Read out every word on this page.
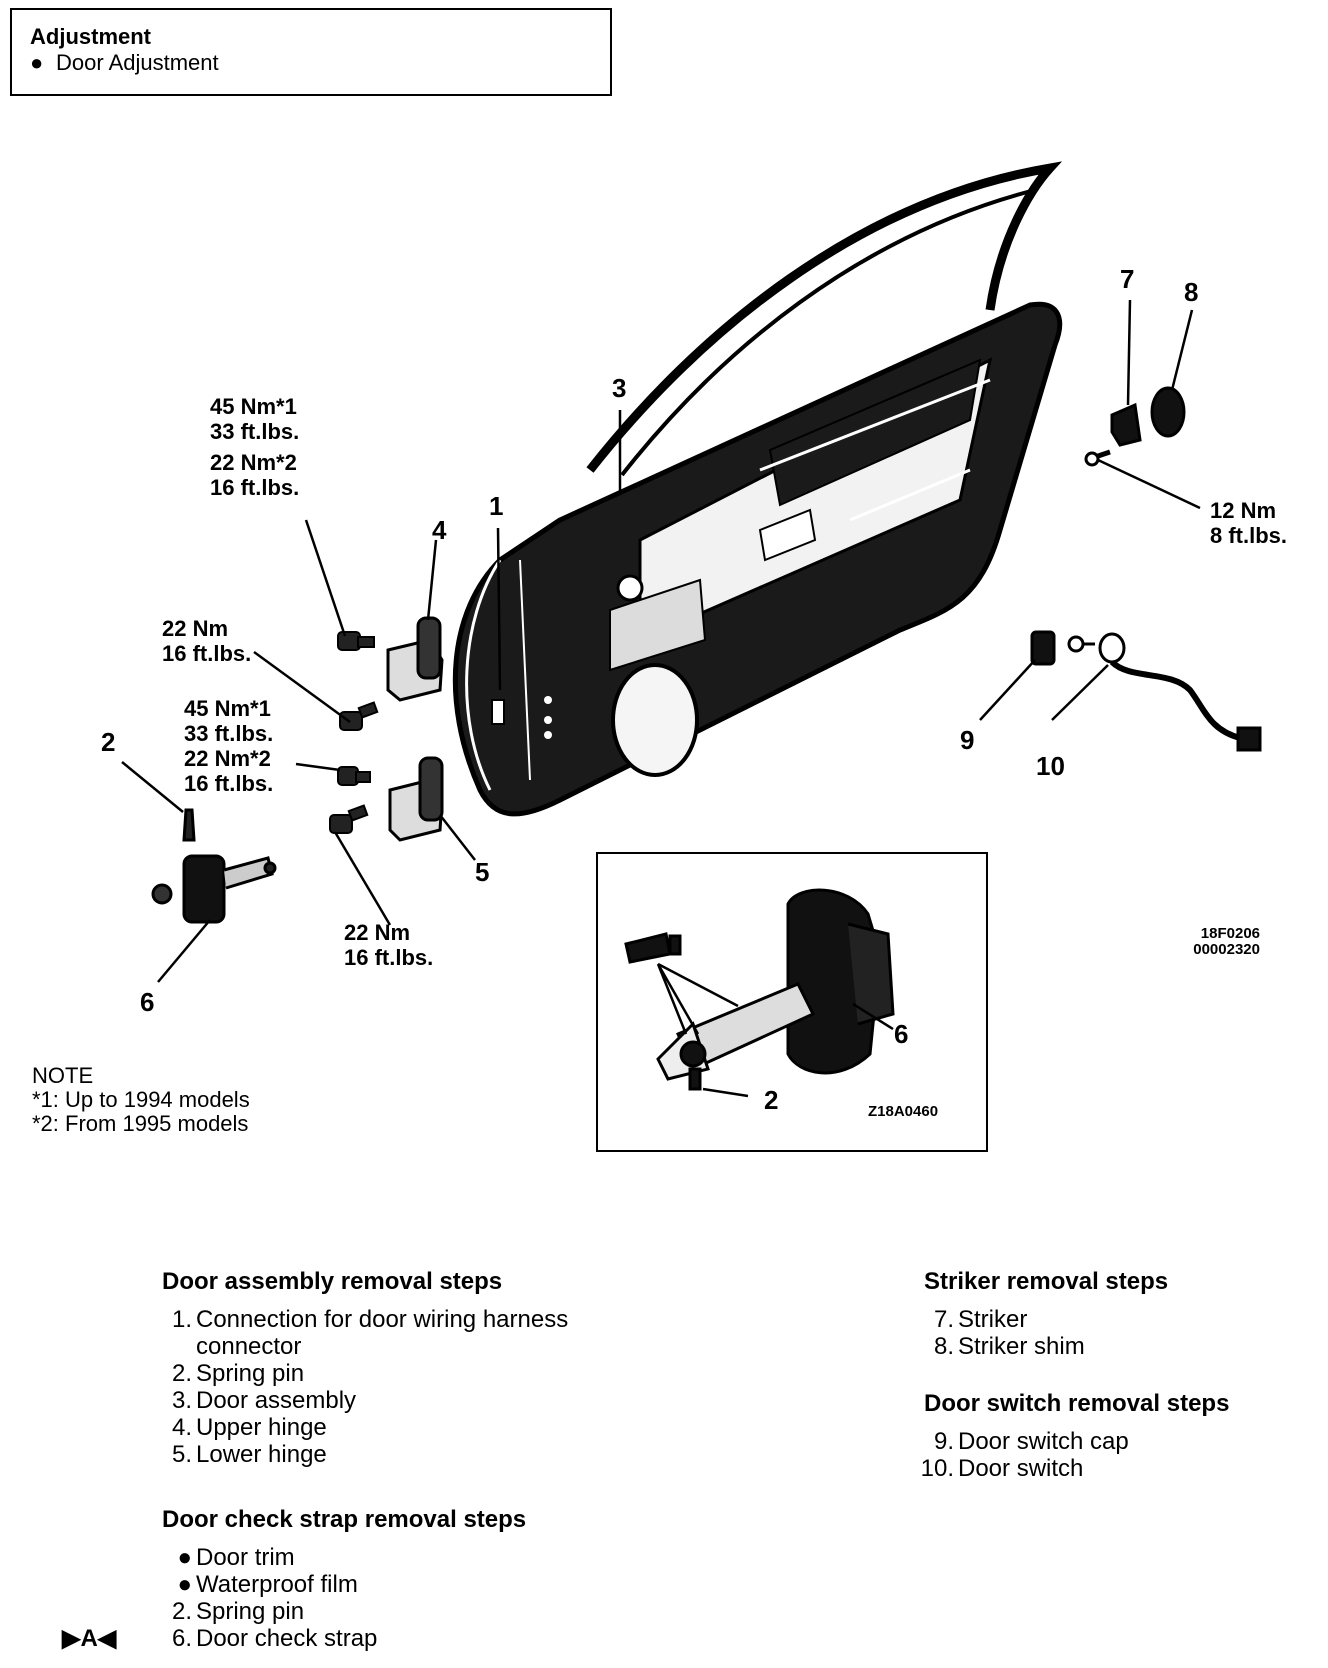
Adjustment
● Door Adjustment
1
2
3
4
5
6
7 8
9
10
45 Nm*1
33 ft.lbs.
22 Nm*2
16 ft.lbs.
22 Nm
16 ft.lbs.
45 Nm*1
33 ft.lbs.
22 Nm*2
16 ft.lbs.
22 Nm
16 ft.lbs.
12 Nm
8 ft.lbs.
18F0206
00002320
6
2	Z18A0460
NOTE
*1: Up to 1994 models
*2: From 1995 models
Door assembly removal steps
1. Connection for door wiring harness
connector
2. Spring pin
3. Door assembly
4. Upper hinge
5. Lower hinge
Door check strap removal steps
● Door trim
● Waterproof film
2. Spring pin
6. Door check strap
▶A◀
Striker removal steps
7. Striker
8. Striker shim
Door switch removal steps
9. Door switch cap
10. Door switch
